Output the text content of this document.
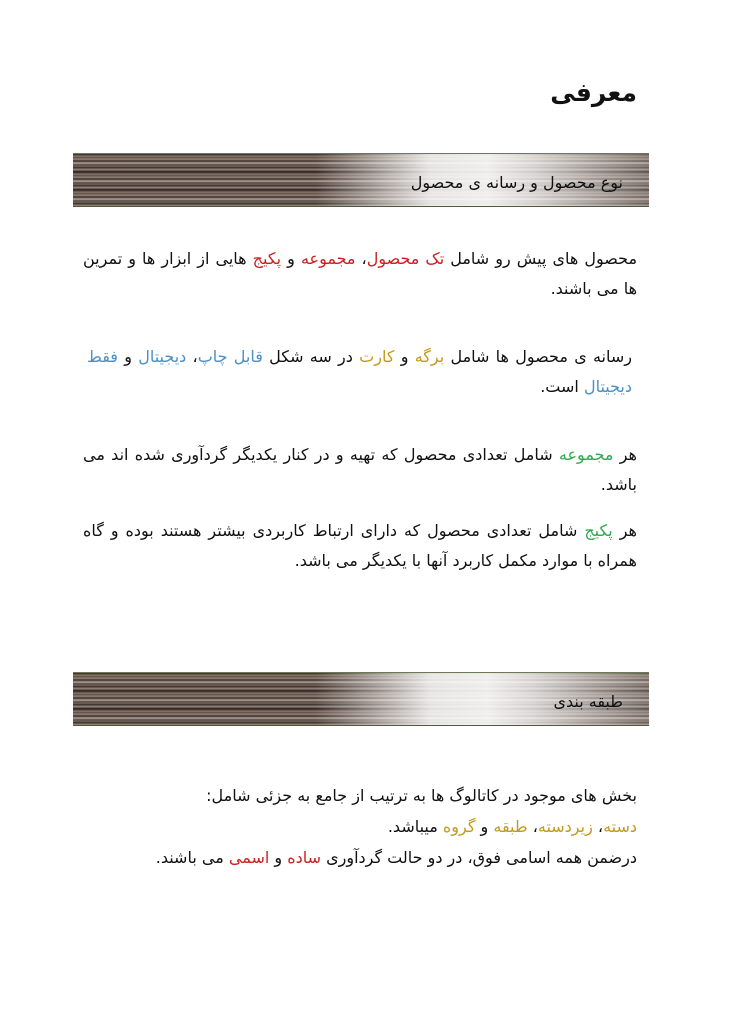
معرفی
نوع محصول و رسانه ی محصول

محصول های پیش رو شامل تک محصول، مجموعه و پکیج هایی از ابزار ها و تمرین ها می باشند.

رسانه ی محصول ها شامل برگه و کارت در سه شکل قابل چاپ، دیجیتال و فقط دیجیتال است.

هر مجموعه شامل تعدادی محصول که تهیه و در کنار یکدیگر گردآوری شده اند می باشد.

هر پکیج شامل تعدادی محصول که دارای ارتباط کاربردی بیشتر هستند بوده و گاه همراه با موارد مکمل کاربرد آنها با یکدیگر می باشد.

طبقه بندی

بخش های موجود در کاتالوگ ها به ترتیب از جامع به جزئی شامل:
دسته، زیردسته، طبقه و گروه میباشد.
درضمن همه اسامی فوق، در دو حالت گردآوری ساده و اسمی می باشند.
